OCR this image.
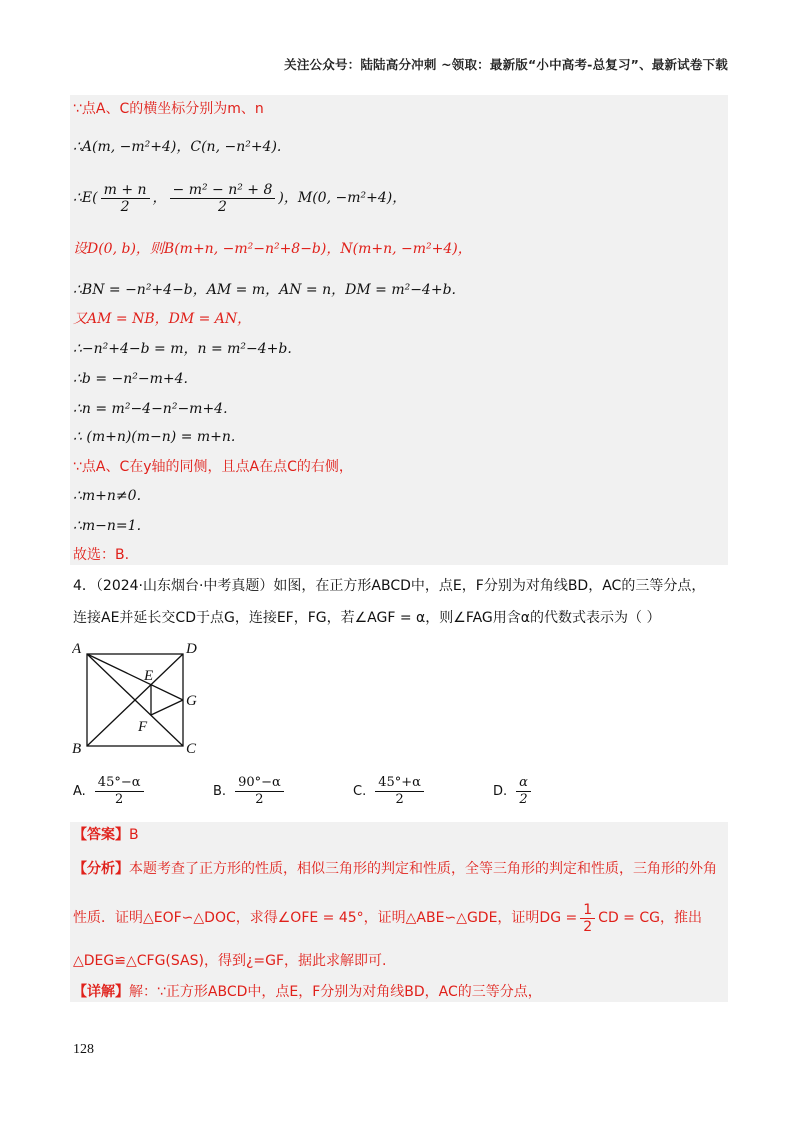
关注公众号：陆陆高分冲刺 ~领取：最新版“小中高考-总复习”、最新试卷下载
∵点A、C的横坐标分别为m、n
∴A(m, −m²+4)，C(n, −n²+4).
∴E( $\frac{m + n}{2}$ ， $\frac{\text{− m² − n² + 8}}{2}$ )，M(0, −m²+4)，
设D(0, b)，则B(m+n, −m²−n²+8−b)，N(m+n, −m²+4)，
∴BN = −n²+4−b，AM = m，AN = n，DM = m²−4+b.
又AM = NB，DM = AN，
∴−n²+4−b = m，n = m²−4+b.
∴b = −n²−m+4.
∴n = m²−4−n²−m+4.
∴ (m+n)(m−n) = m+n.
∵点A、C在y轴的同侧，且点A在点C的右侧，
∴m+n≠0.
∴m−n=1.
故选：B.
4．（2024·山东烟台·中考真题）如图，在正方形ABCD中，点E，F分别为对角线BD，AC的三等分点，
连接AE并延长交CD于点G，连接EF，FG，若∠AGF = α，则∠FAG用含α的代数式表示为（ ）
A	D
B	C
E
F
G
A. $\frac{45^\circ-\alpha}{2}$	B. $\frac{90^\circ-\alpha}{2}$	C. $\frac{45^\circ+\alpha}{2}$	D. $\frac{\alpha}{2}$
【答案】B
【分析】本题考查了正方形的性质，相似三角形的判定和性质，全等三角形的判定和性质，三角形的外角
性质．证明△EOF∽△DOC，求得∠OFE = 45°，证明△ABE∽△GDE，证明DG = $\frac{1}{2}$ CD = CG，推出
△DEG≌△CFG(SAS)，得到¿=GF，据此求解即可.
【详解】解：∵正方形ABCD中，点E，F分别为对角线BD，AC的三等分点，
128
